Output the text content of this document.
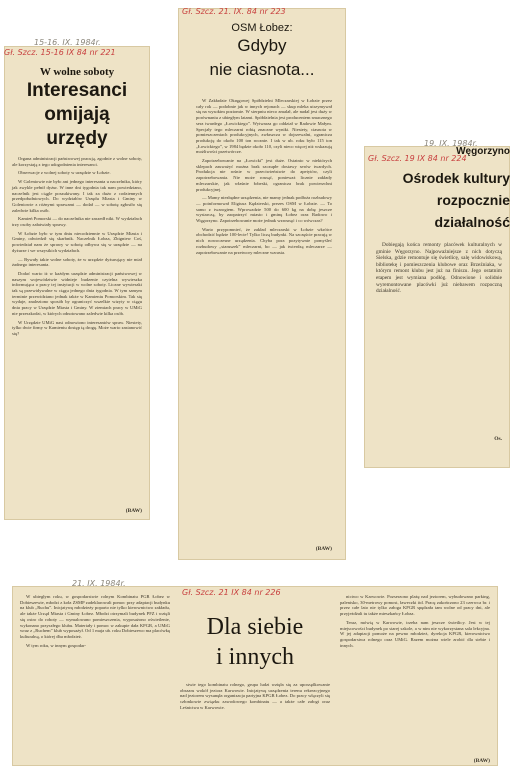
15-16. IX. 1984r.
Gł. Szcz. 15-16 IX 84 nr 221
W wolne soboty
Interesanci
omijają
urzędy

Organa administracji państwowej pracują, zgodnie z wolne soboty, ale korzystają z tego udogodnienia interesanci.

Obserwacje z wolnej soboty w urzędzie w Łobzie.

W Goleniowie nie było ani jednego interesanta u naczelnika, który jak zwykle pełnił dyżur. W inne dni tygodnia tak nam powiedziano, naczelnik jest ciągle poszukiwany. I tak za dużo z codziennych przedpołudniowych. Do wydziałów Urzędu Miasta i Gminy w Goleniowie z różnymi sprawami — dodał — w sobotę zgłosiło się zaledwie kilka osób.

Kamień Pomorski — do naczelnika nie zaszedł nikt. W wydziałach trzy osoby załatwiały sprawy.

W Łobzie było w tym dniu niecodziennie w Urzędzie Miasta i Gminy, odwiedził się skarbnik. Naczelnik Łobza, Zbigniew Coś, powiedział nam że sprawy w sobotę odbywa się w urzędzie — na dyżurze i we wszystkich wydziałach.

— Bywały takie wolne soboty, że w urzędzie dyżurujący nie miał żadnego interesanta.

Dodać warto iż w każdym urzędzie administracji państwowej w naszym województwie widnieje budzenie czytelna wywieszka informująca o pracy tej instytucji w wolne soboty. Liczne wywieszki tak są przewidywalne w ciągu jednego dnia tygodnia. W tym samym terminie przewidziano jednak także w Kamieniu Pomorskim. Tak się wydaje, znaleziono sposób by ograniczyć wszelkie wizyty w ciągu dnia pracy w Urzędzie Miasta i Gminy. W ziemiach pracy w UMiG nie przeszkodzi, w których odnotowano zaledwie kilka osób.

W Urzędzie UMiG nasi odnowiono interesantów spraw. Niestety, tylko dwie firmy w Kamieniu dostęp tą drogę. Może warto zastanowić się?

(BAW)
Gł. Szcz. 21. IX. 84 nr 223
OSM Łobez:
Gdyby
nie ciasnota...

W Zakładzie Okręgowej Spółdzielni Mleczarskiej w Łobzie przez cały rok — podobnie jak w innych rejonach — skup mleka utrzymywał się na wysokim poziomie. W sierpniu nieco zmalał, ale nadal jest duży w porównaniu z ubiegłym latami. Spółdzielnia jest producentem smacznego sera twardego „Łowickiego”. Wytwarza go oddział w Radowie Małym. Specjały tego mleczarni robią znaczne wyniki. Niestety, ciasnota w pomieszczeniach produkcyjnych, zwłaszcza w dojrzewalni, ogranicza produkcję do około 100 ton rocznie. I tak w ub. roku było 115 ton „Łowickiego”, w 1984 będzie około 110, czyli nieco więcej niż wskazują możliwości przetwórcze.

Zapotrzebowanie na „Łowicki” jest duże. Ostatnio w niektórych sklepach zauważyć można brak szczupłe dostawy serów twardych. Produkcja nie rośnie w przeciwieństwie do apetytów, czyli zapotrzebowania. Nie może rosnąć, ponieważ licznie zakłady mleczarskie, jak właśnie łobeski, ogranicza brak powierzchni produkcyjnej.

— Mamy niezbędne urządzenia, nie mamy jednak podłoża rozbudowy — poinformował Eligiusz Kędzierski, prezes OSM w Łobzie. — To samo z twarogiem. Wprowadzie 500 do 600 kg na dobę jeszcze wystarczą, by zaopatrzyć miasto i gminę Łobez oraz Radowo i Węgorzyno. Zapotrzebowanie może jednak wzrosnąć i co wówczas?

Warto przypomnieć, że zakład mleczarski w Łobzie wkrótce obchodzić będzie 100-lecie! Tylko liczą budynki. Na szczęście pracują w nich nowoczesne urządzenia. Chyba pora pozytywnie pomyśleć rozbudowy „staruszek” mleczarni, bo — jak twierdzą mleczarze — zapotrzebowanie na przetwory mleczne wzrasta.

(BAW)
19. IX. 1984r.
Gł. Szcz. 19 IX 84 nr 224
Węgorzyno
Ośrodek kultury
rozpocznie
działalność

Dobiegają końca remonty placówek kulturalnych w gminie Węgorzyno. Najpoważniejsze z nich dotyczą Sielska, gdzie remontuje się świetlicę, salę widowiskową, bibliotekę i pomieszczenia klubowe oraz Brzeźniaka, w którym remont klubu jest już na finiszu. Jego ostatnim etapem jest wymiana podłóg. Odnowione i solidnie wyremontowane placówki już niebawem rozpoczną działalność.

Os.
21. IX. 1984r.
Gł. Szcz. 21 IX 84 nr 226
Dla siebie
i innych

W ubiegłym roku, w gospodarstwie rolnym Kombinatu PGR Łobez w Dobieszewie, młodzi z koła ZSMP zadeklarowali pomoc przy adaptacji budynku na klub „Ruchu”. Inicjatywę młodzieży poparto nie tylko kierownictwo zakładu, ale także Urząd Miasta i Gminy Łobez. Młodzi otrzymali budynek PFZ i wzięli się ostro do roboty — wymalowano pomieszczenia, wyposażono oświetlenie, wykonano przyszłego klubu. Materiały i pomoc w zakupie dała KPGR, a UMiG wraz z „Ruchem” klub wyposażył. Od 1 maja ub. roku Dobieszewo ma placówkę kulturalną, o której dba młodzież.

W tym roku, w innym gospodar-

stwie tego kombinatu rolnego, grupa ludzi wzięła się za uporządkowanie obszaru wokół jeziora Karwowie. Inicjatywę urządzenia terenu rekreacyjnego nad jeziorem wysunęła organizacja partyjna KPGR Łobez. Do pracy włączyli się członkowie związku zawodowego kombinatu — a także całe załogi oraz Leśnictwa w Karwowie.

nictwo w Karwowie. Pozserzono plażę nad jeziorem, wybudowano parking, palenisko, 30-metrowy pomost, ławeczki itd. Pracę zakończono 23 czerwca br. i przez całe lato nie tylko załoga KPGR spędzała tam wolne od pracy dni, ale przyjeżdżali tu także mieszkańcy Łobza.

Teraz, mówią w Karwowie, trzeba nam jeszcze świetlicy. Jest w tej miejscowości budynek po starej szkole, a w nim nie wykorzystana sala lekcyjna. W jej adaptacji pomoże na pewno młodzież, dyrekcja KPGR, kierownictwo gospodarstwa rolnego oraz UMiG. Razem można wiele zrobić dla siebie i innych.

(BAW)
